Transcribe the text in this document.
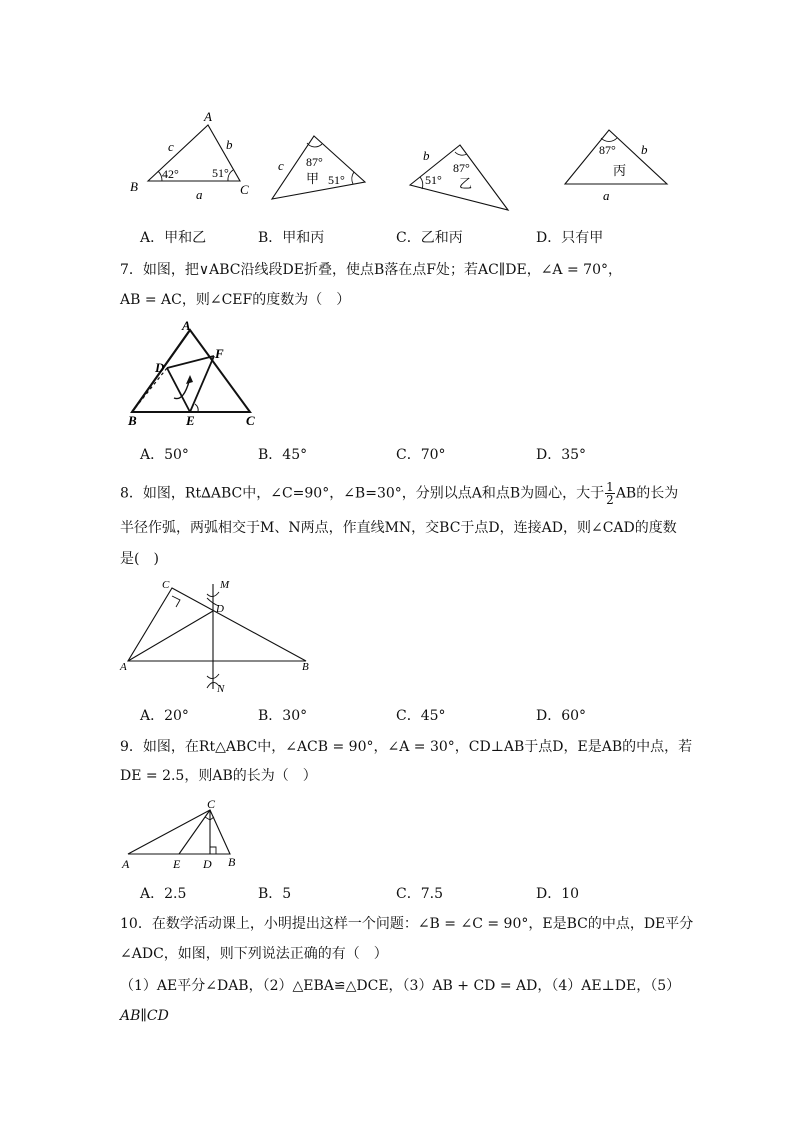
A
B	C
c	b
a
42°	51°	c 87°
甲 51°
b
87°
51° 乙
87° b
丙
a
A．甲和乙	B．甲和丙	C．乙和丙	D．只有甲
7．如图，把∨ABC沿线段DE折叠，使点B落在点F处；若AC∥DE，∠A = 70°，
AB = AC，则∠CEF的度数为（　）
A
D
F
B	E	C
A．50°	B．45°	C．70°	D．35°
8．如图，Rt∆ABC中，∠C=90°，∠B=30°，分别以点A和点B为圆心，大于 $\frac{1}{2}$ AB的长为
半径作弧，两弧相交于M、N两点，作直线MN，交BC于点D，连接AD，则∠CAD的度数
是(　)
C	M
D
A	B
N
A．20°	B．30°	C．45°	D．60°
9．如图，在Rt△ABC中，∠ACB = 90°，∠A = 30°，CD⊥AB于点D，E是AB的中点，若
DE = 2.5，则AB的长为（　）
C
A	E D B
A．2.5	B．5	C．7.5	D．10
10．在数学活动课上，小明提出这样一个问题：∠B = ∠C = 90°，E是BC的中点，DE平分
∠ADC，如图，则下列说法正确的有（　）
（1）AE平分∠DAB，（2）△EBA≌△DCE，（3）AB + CD = AD，（4）AE⊥DE，（5）
AB∥CD
